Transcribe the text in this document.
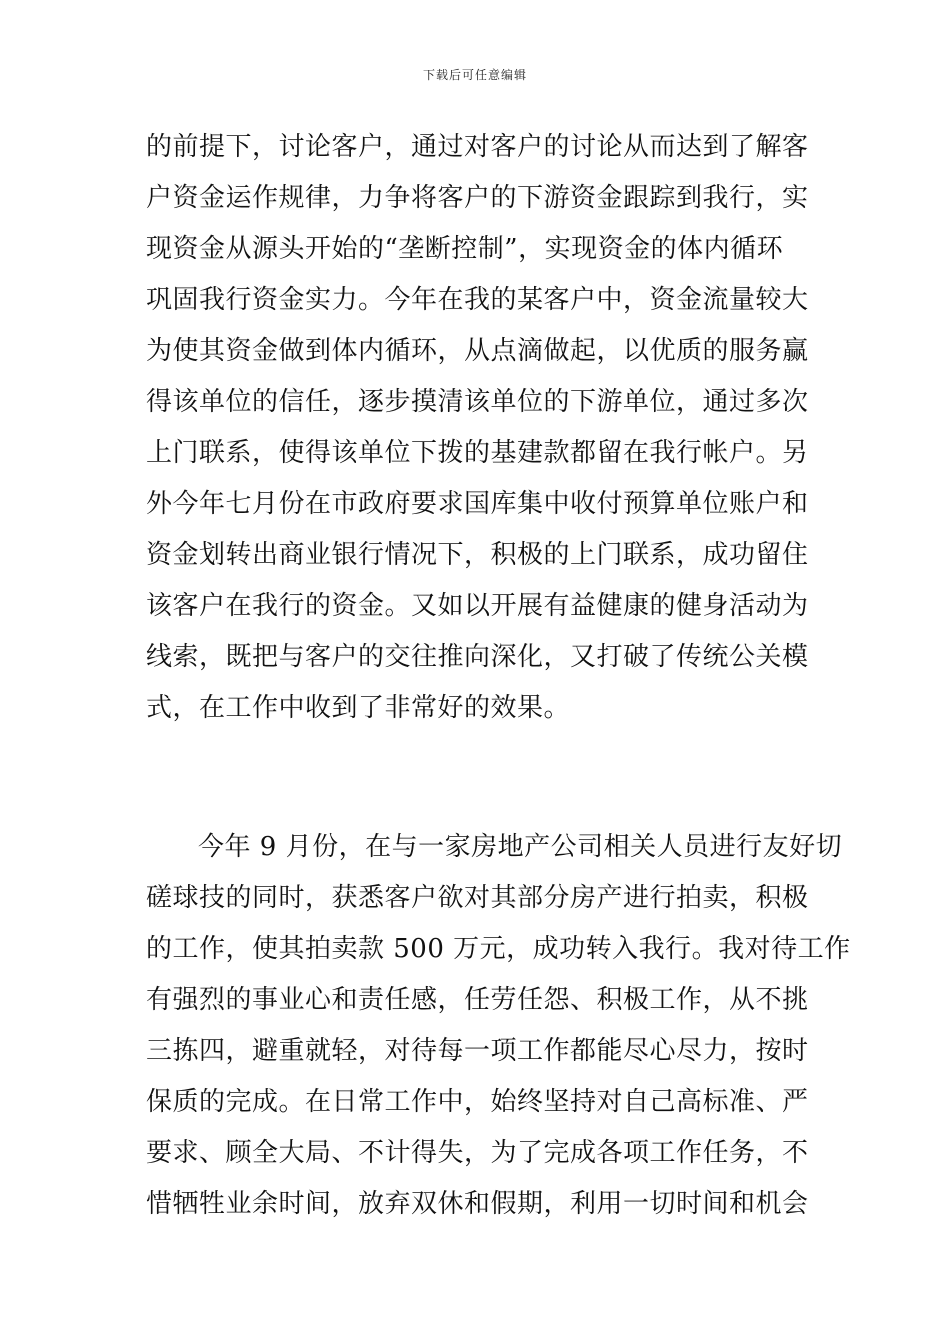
下载后可任意编辑
的前提下，讨论客户，通过对客户的讨论从而达到了解客
户资金运作规律，力争将客户的下游资金跟踪到我行，实
现资金从源头开始的“垄断控制”，实现资金的体内循环
巩固我行资金实力。今年在我的某客户中，资金流量较大
为使其资金做到体内循环，从点滴做起，以优质的服务赢
得该单位的信任，逐步摸清该单位的下游单位，通过多次
上门联系，使得该单位下拨的基建款都留在我行帐户。另
外今年七月份在市政府要求国库集中收付预算单位账户和
资金划转出商业银行情况下，积极的上门联系，成功留住
该客户在我行的资金。又如以开展有益健康的健身活动为
线索，既把与客户的交往推向深化，又打破了传统公关模
式，在工作中收到了非常好的效果。
今年 9 月份，在与一家房地产公司相关人员进行友好切
磋球技的同时，获悉客户欲对其部分房产进行拍卖，积极
的工作，使其拍卖款 500 万元，成功转入我行。我对待工作
有强烈的事业心和责任感，任劳任怨、积极工作，从不挑
三拣四，避重就轻，对待每一项工作都能尽心尽力，按时
保质的完成。在日常工作中，始终坚持对自己高标准、严
要求、顾全大局、不计得失，为了完成各项工作任务，不
惜牺牲业余时间，放弃双休和假期，利用一切时间和机会
